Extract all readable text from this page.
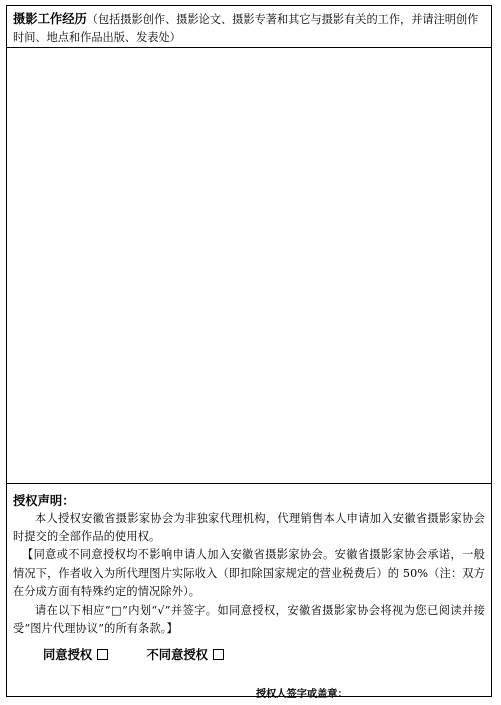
摄影工作经历（包括摄影创作、摄影论文、摄影专著和其它与摄影有关的工作，并请注明创作时间、地点和作品出版、发表处）
授权声明：

本人授权安徽省摄影家协会为非独家代理机构，代理销售本人申请加入安徽省摄影家协会时提交的全部作品的使用权。

【同意或不同意授权均不影响申请人加入安徽省摄影家协会。安徽省摄影家协会承诺，一般情况下，作者收入为所代理图片实际收入（即扣除国家规定的营业税费后）的 50%（注：双方在分成方面有特殊约定的情况除外）。

请在以下相应“□”内划“√”并签字。如同意授权，安徽省摄影家协会将视为您已阅读并接受“图片代理协议”的所有条款。】

同意授权	不同意授权
授权人签字或盖章：
